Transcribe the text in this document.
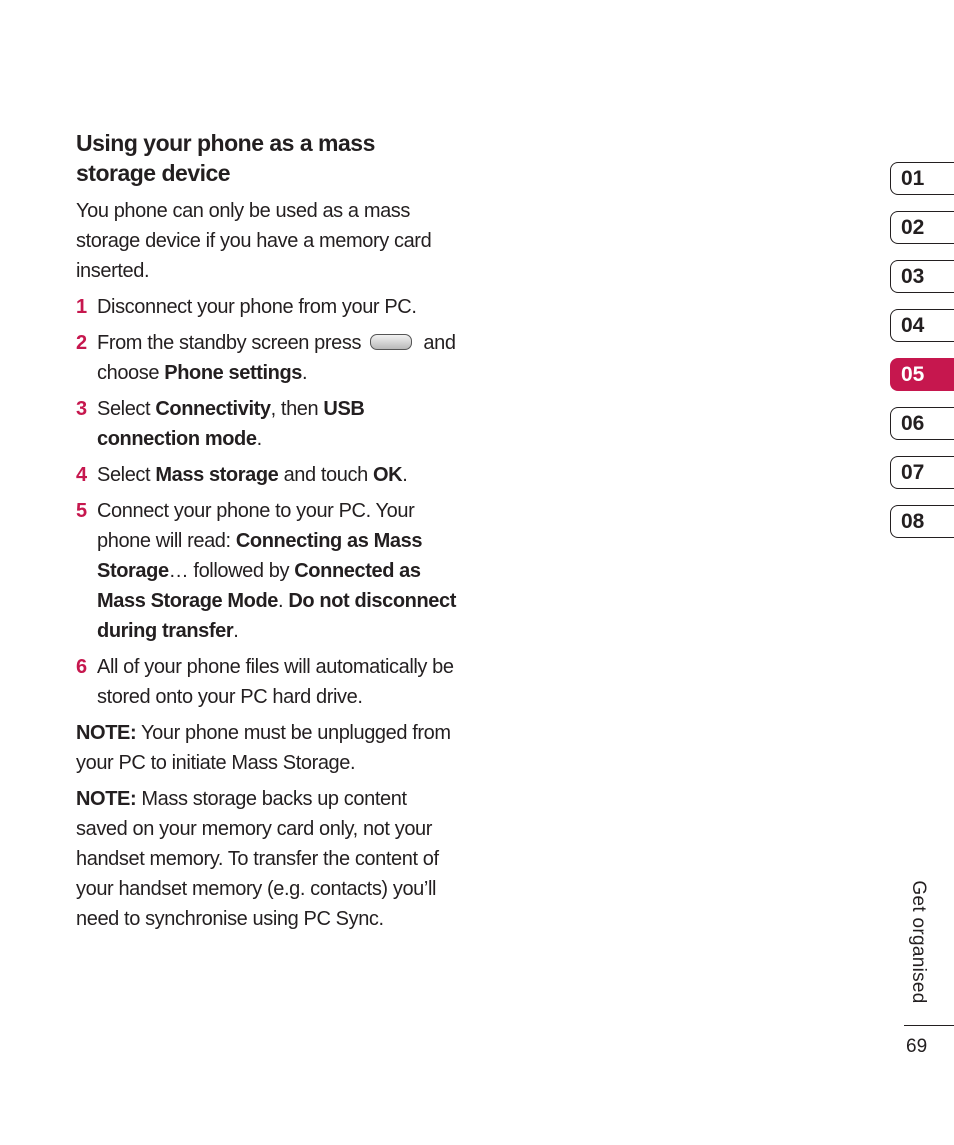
Using your phone as a mass storage device

You phone can only be used as a mass storage device if you have a memory card inserted.

1 Disconnect your phone from your PC.
2 From the standby screen press	and choose Phone settings.
3 Select Connectivity, then USB connection mode.
4 Select Mass storage and touch OK.
5 Connect your phone to your PC. Your phone will read: Connecting as Mass Storage… followed by Connected as Mass Storage Mode. Do not disconnect during transfer.
6 All of your phone files will automatically be stored onto your PC hard drive.

NOTE: Your phone must be unplugged from your PC to initiate Mass Storage.

NOTE: Mass storage backs up content saved on your memory card only, not your handset memory. To transfer the content of your handset memory (e.g. contacts) you’ll need to synchronise using PC Sync.

01
02
03
04
05
06
07
08
Get organised
69
